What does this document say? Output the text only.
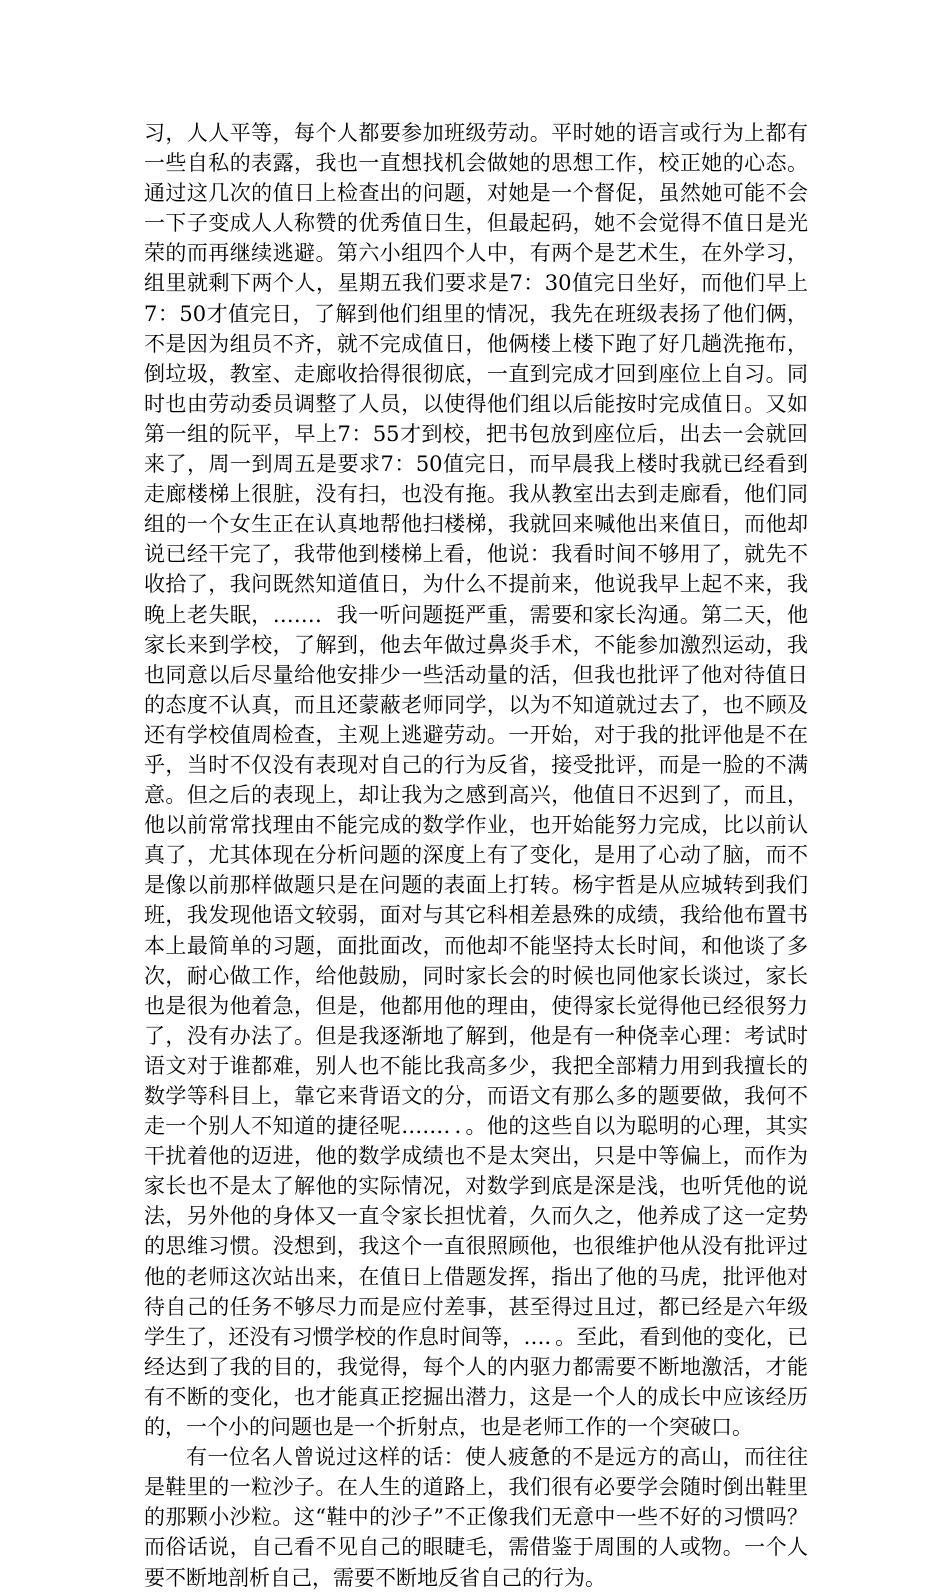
习，人人平等，每个人都要参加班级劳动。平时她的语言或行为上都有一些自私的表露，我也一直想找机会做她的思想工作，校正她的心态。通过这几次的值日上检查出的问题，对她是一个督促，虽然她可能不会一下子变成人人称赞的优秀值日生，但最起码，她不会觉得不值日是光荣的而再继续逃避。第六小组四个人中，有两个是艺术生，在外学习，组里就剩下两个人，星期五我们要求是7：30值完日坐好，而他们早上7：50才值完日，了解到他们组里的情况，我先在班级表扬了他们俩，不是因为组员不齐，就不完成值日，他俩楼上楼下跑了好几趟洗拖布，倒垃圾，教室、走廊收拾得很彻底，一直到完成才回到座位上自习。同时也由劳动委员调整了人员，以使得他们组以后能按时完成值日。又如第一组的阮平，早上7：55才到校，把书包放到座位后，出去一会就回来了，周一到周五是要求7：50值完日，而早晨我上楼时我就已经看到走廊楼梯上很脏，没有扫，也没有拖。我从教室出去到走廊看，他们同组的一个女生正在认真地帮他扫楼梯，我就回来喊他出来值日，而他却说已经干完了，我带他到楼梯上看，他说：我看时间不够用了，就先不收拾了，我问既然知道值日，为什么不提前来，他说我早上起不来，我晚上老失眠，……．我一听问题挺严重，需要和家长沟通。第二天，他家长来到学校，了解到，他去年做过鼻炎手术，不能参加激烈运动，我也同意以后尽量给他安排少一些活动量的活，但我也批评了他对待值日的态度不认真，而且还蒙蔽老师同学，以为不知道就过去了，也不顾及还有学校值周检查，主观上逃避劳动。一开始，对于我的批评他是不在乎，当时不仅没有表现对自己的行为反省，接受批评，而是一脸的不满意。但之后的表现上，却让我为之感到高兴，他值日不迟到了，而且，他以前常常找理由不能完成的数学作业，也开始能努力完成，比以前认真了，尤其体现在分析问题的深度上有了变化，是用了心动了脑，而不是像以前那样做题只是在问题的表面上打转。杨宇哲是从应城转到我们班，我发现他语文较弱，面对与其它科相差悬殊的成绩，我给他布置书本上最简单的习题，面批面改，而他却不能坚持太长时间，和他谈了多次，耐心做工作，给他鼓励，同时家长会的时候也同他家长谈过，家长也是很为他着急，但是，他都用他的理由，使得家长觉得他已经很努力了，没有办法了。但是我逐渐地了解到，他是有一种侥幸心理：考试时语文对于谁都难，别人也不能比我高多少，我把全部精力用到我擅长的数学等科目上，靠它来背语文的分，而语文有那么多的题要做，我何不走一个别人不知道的捷径呢……．．。他的这些自以为聪明的心理，其实干扰着他的迈进，他的数学成绩也不是太突出，只是中等偏上，而作为家长也不是太了解他的实际情况，对数学到底是深是浅，也听凭他的说法，另外他的身体又一直令家长担忧着，久而久之，他养成了这一定势的思维习惯。没想到，我这个一直很照顾他，也很维护他从没有批评过他的老师这次站出来，在值日上借题发挥，指出了他的马虎，批评他对待自己的任务不够尽力而是应付差事，甚至得过且过，都已经是六年级学生了，还没有习惯学校的作息时间等，…．。至此，看到他的变化，已经达到了我的目的，我觉得，每个人的内驱力都需要不断地激活，才能有不断的变化，也才能真正挖掘出潜力，这是一个人的成长中应该经历的，一个小的问题也是一个折射点，也是老师工作的一个突破口。

有一位名人曾说过这样的话：使人疲惫的不是远方的高山，而往往是鞋里的一粒沙子。在人生的道路上，我们很有必要学会随时倒出鞋里的那颗小沙粒。这“鞋中的沙子”不正像我们无意中一些不好的习惯吗？ 而俗话说，自己看不见自己的眼睫毛，需借鉴于周围的人或物。一个人要不断地剖析自己，需要不断地反省自己的行为。
